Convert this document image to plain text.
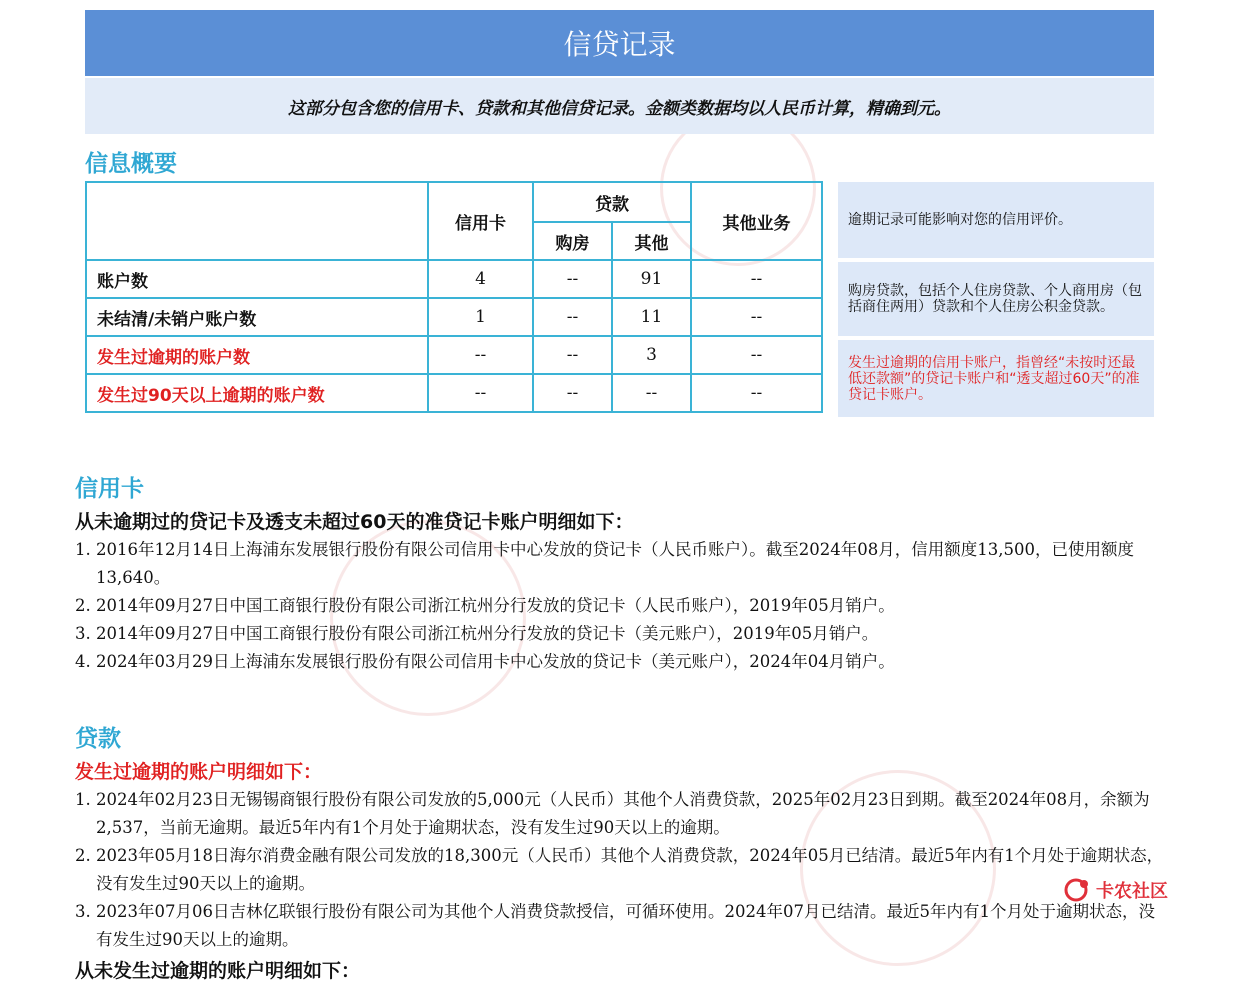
信贷记录
这部分包含您的信用卡、贷款和其他信贷记录。金额类数据均以人民币计算，精确到元。
信息概要
	信用卡	贷款		其他业务
		购房	其他	
账户数	4	--	91	--
未结清/未销户账户数	1	--	11	--
发生过逾期的账户数	--	--	3	--
发生过90天以上逾期的账户数	--	--	--	--
逾期记录可能影响对您的信用评价。
购房贷款，包括个人住房贷款、个人商用房（包括商住两用）贷款和个人住房公积金贷款。
发生过逾期的信用卡账户，指曾经“未按时还最低还款额”的贷记卡账户和“透支超过60天”的准贷记卡账户。
信用卡
从未逾期过的贷记卡及透支未超过60天的准贷记卡账户明细如下：
1. 2016年12月14日上海浦东发展银行股份有限公司信用卡中心发放的贷记卡（人民币账户）。截至2024年08月，信用额度13,500，已使用额度13,640。
2. 2014年09月27日中国工商银行股份有限公司浙江杭州分行发放的贷记卡（人民币账户），2019年05月销户。
3. 2014年09月27日中国工商银行股份有限公司浙江杭州分行发放的贷记卡（美元账户），2019年05月销户。
4. 2024年03月29日上海浦东发展银行股份有限公司信用卡中心发放的贷记卡（美元账户），2024年04月销户。
贷款
发生过逾期的账户明细如下：
1. 2024年02月23日无锡锡商银行股份有限公司发放的5,000元（人民币）其他个人消费贷款，2025年02月23日到期。截至2024年08月，余额为2,537，当前无逾期。最近5年内有1个月处于逾期状态，没有发生过90天以上的逾期。
2. 2023年05月18日海尔消费金融有限公司发放的18,300元（人民币）其他个人消费贷款，2024年05月已结清。最近5年内有1个月处于逾期状态，没有发生过90天以上的逾期。
3. 2023年07月06日吉林亿联银行股份有限公司为其他个人消费贷款授信，可循环使用。2024年07月已结清。最近5年内有1个月处于逾期状态，没有发生过90天以上的逾期。
从未发生过逾期的账户明细如下：
卡农社区
